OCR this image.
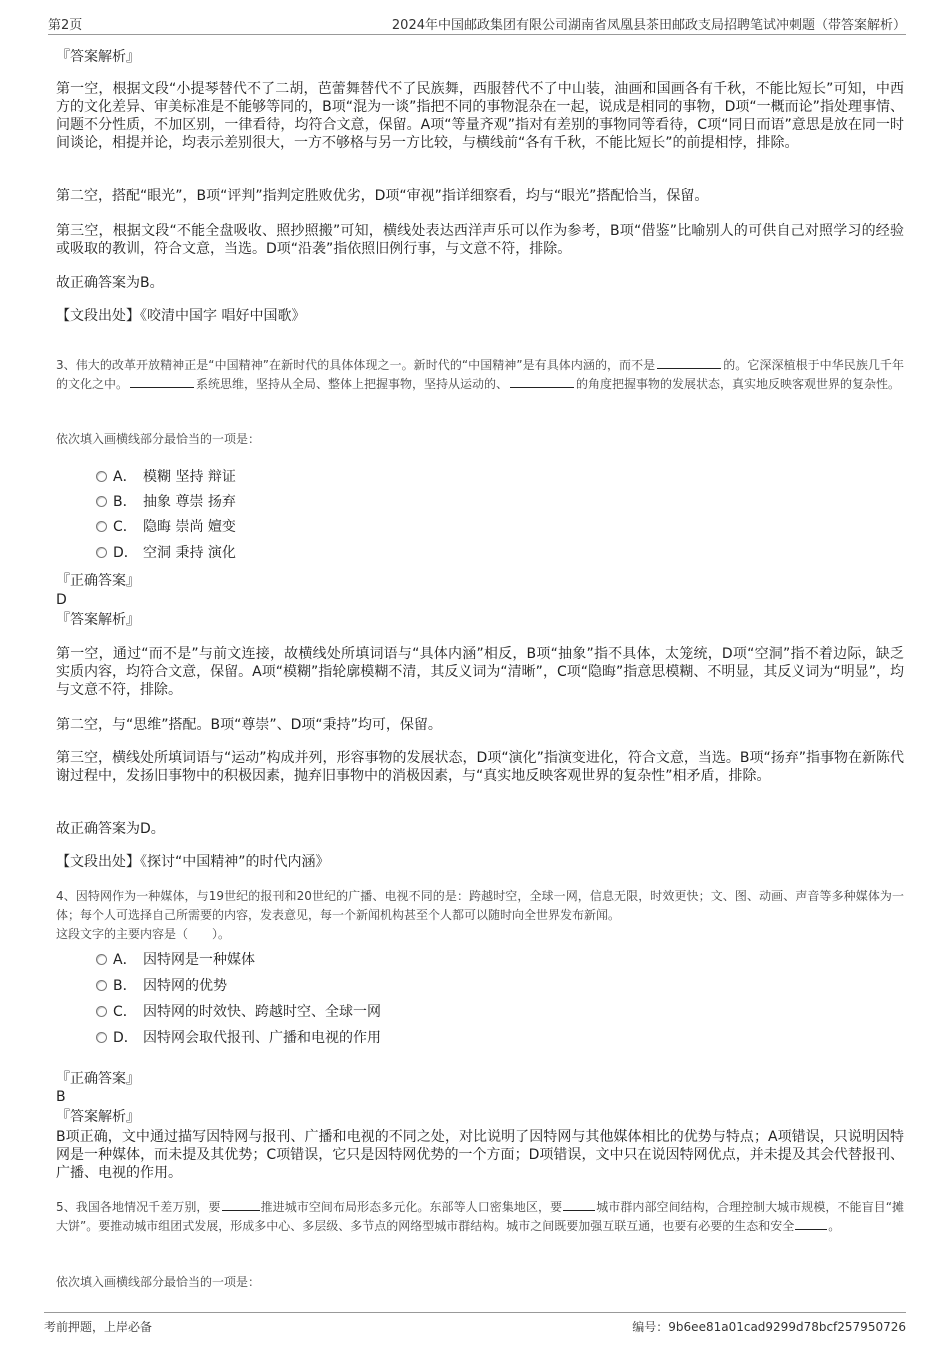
第2页	2024年中国邮政集团有限公司湖南省凤凰县茶田邮政支局招聘笔试冲刺题（带答案解析）
『答案解析』

第一空，根据文段“小提琴替代不了二胡，芭蕾舞替代不了民族舞，西服替代不了中山装，油画和国画各有千秋，不能比短长”可知，中西方的文化差异、审美标准是不能够等同的，B项“混为一谈”指把不同的事物混杂在一起，说成是相同的事物，D项“一概而论”指处理事情、问题不分性质，不加区别，一律看待，均符合文意，保留。A项“等量齐观”指对有差别的事物同等看待，C项“同日而语”意思是放在同一时间谈论，相提并论，均表示差别很大，一方不够格与另一方比较，与横线前“各有千秋，不能比短长”的前提相悖，排除。

第二空，搭配“眼光”，B项“评判”指判定胜败优劣，D项“审视”指详细察看，均与“眼光”搭配恰当，保留。

第三空，根据文段“不能全盘吸收、照抄照搬”可知，横线处表达西洋声乐可以作为参考，B项“借鉴”比喻别人的可供自己对照学习的经验或吸取的教训，符合文意，当选。D项“沿袭”指依照旧例行事，与文意不符，排除。

故正确答案为B。

【文段出处】《咬清中国字 唱好中国歌》

3、伟大的改革开放精神正是“中国精神”在新时代的具体体现之一。新时代的“中国精神”是有具体内涵的，而不是	的。它深深植根于中华民族几千年的文化之中。	系统思维，坚持从全局、整体上把握事物，坚持从运动的、	的角度把握事物的发展状态，真实地反映客观世界的复杂性。

依次填入画横线部分最恰当的一项是：

A． 模糊 坚持 辩证
B． 抽象 尊崇 扬弃
C． 隐晦 崇尚 嬗变
D． 空洞 秉持 演化
『正确答案』
D
『答案解析』

第一空，通过“而不是”与前文连接，故横线处所填词语与“具体内涵”相反，B项“抽象”指不具体，太笼统，D项“空洞”指不着边际，缺乏实质内容，均符合文意，保留。A项“模糊”指轮廓模糊不清，其反义词为“清晰”，C项“隐晦”指意思模糊、不明显，其反义词为“明显”，均与文意不符，排除。

第二空，与“思维”搭配。B项“尊崇”、D项“秉持”均可，保留。

第三空，横线处所填词语与“运动”构成并列，形容事物的发展状态，D项“演化”指演变进化，符合文意，当选。B项“扬弃”指事物在新陈代谢过程中，发扬旧事物中的积极因素，抛弃旧事物中的消极因素，与“真实地反映客观世界的复杂性”相矛盾，排除。

故正确答案为D。

【文段出处】《探讨“中国精神”的时代内涵》

4、因特网作为一种媒体，与19世纪的报刊和20世纪的广播、电视不同的是：跨越时空，全球一网，信息无限，时效更快；文、图、动画、声音等多种媒体为一体；每个人可选择自己所需要的内容，发表意见，每一个新闻机构甚至个人都可以随时向全世界发布新闻。

这段文字的主要内容是（　　）。

A． 因特网是一种媒体
B． 因特网的优势
C． 因特网的时效快、跨越时空、全球一网
D． 因特网会取代报刊、广播和电视的作用
『正确答案』
B
『答案解析』

B项正确，文中通过描写因特网与报刊、广播和电视的不同之处，对比说明了因特网与其他媒体相比的优势与特点；A项错误，只说明因特网是一种媒体，而未提及其优势；C项错误，它只是因特网优势的一个方面；D项错误，文中只在说因特网优点，并未提及其会代替报刊、广播、电视的作用。

5、我国各地情况千差万别，要	推进城市空间布局形态多元化。东部等人口密集地区，要	城市群内部空间结构，合理控制大城市规模，不能盲目“摊大饼”。要推动城市组团式发展，形成多中心、多层级、多节点的网络型城市群结构。城市之间既要加强互联互通，也要有必要的生态和安全	。

依次填入画横线部分最恰当的一项是：

考前押题，上岸必备	编号：9b6ee81a01cad9299d78bcf257950726
